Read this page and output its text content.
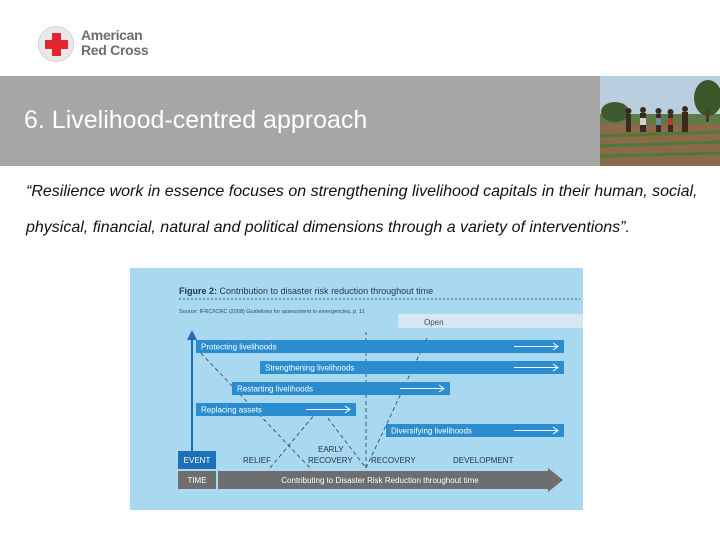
American
Red Cross
6. Livelihood-centred approach
“Resilience work in essence focuses on strengthening livelihood capitals in their human, social, physical, financial, natural and political dimensions through a variety of interventions”.
Figure 2: Contribution to disaster risk reduction throughout time
Source: IFRC/ICRC (2008) Guidelines for assessment in emergencies, p. 11
Open
Protecting livelihoods
Strengthening livelihoods
Restarting livelihoods
Replacing assets
Diversifying livelihoods
RELIEF
EARLY
RECOVERY RECOVERY	DEVELOPMENT
EVENT
TIME	Contributing to Disaster Risk Reduction throughout time
